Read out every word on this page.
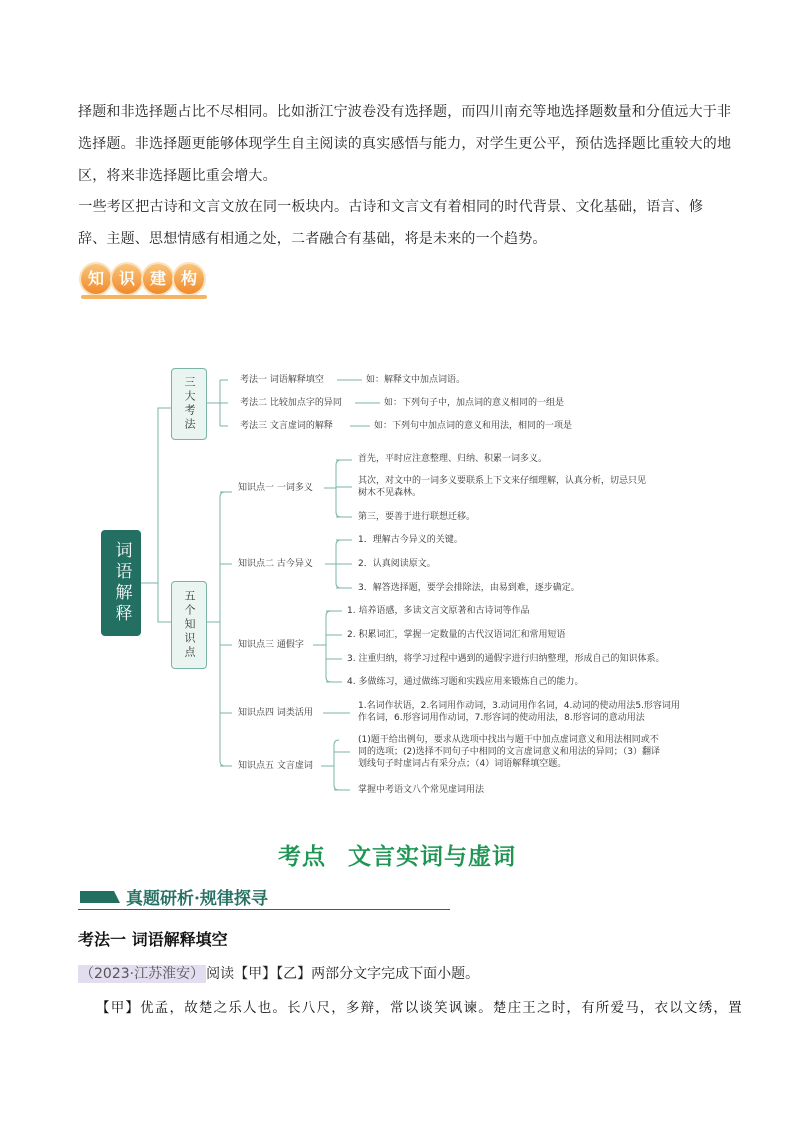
择题和非选择题占比不尽相同。比如浙江宁波卷没有选择题，而四川南充等地选择题数量和分值远大于非
选择题。非选择题更能够体现学生自主阅读的真实感悟与能力，对学生更公平，预估选择题比重较大的地
区，将来非选择题比重会增大。
　　一些考区把古诗和文言文放在同一板块内。古诗和文言文有着相同的时代背景、文化基础，语言、修
辞、主题、思想情感有相通之处，二者融合有基础，将是未来的一个趋势。
知 识 建 构
词语解释
三大考法
五个知识点
考法一 词语解释填空	如：解释文中加点词语。
考法二 比较加点字的异同	如：下列句子中，加点词的意义相同的一组是
考法三 文言虚词的解释	如：下列句中加点词的意义和用法，相同的一项是
知识点一 一词多义
首先，平时应注意整理、归纳、积累一词多义。
其次，对文中的一词多义要联系上下文来仔细理解，认真分析，切忌只见树木不见森林。
第三，要善于进行联想迁移。
知识点二 古今异义
1．理解古今异义的关键。
2．认真阅读原文。
3．解答选择题，要学会排除法，由易到难，逐步确定。
知识点三 通假字
1. 培养语感，多读文言文原著和古诗词等作品
2. 积累词汇，掌握一定数量的古代汉语词汇和常用短语
3. 注重归纳，将学习过程中遇到的通假字进行归纳整理，形成自己的知识体系。
4. 多做练习，通过做练习题和实践应用来锻炼自己的能力。
知识点四 词类活用
1.名词作状语，2.名词用作动词，3.动词用作名词，4.动词的使动用法5.形容词用作名词，6.形容词用作动词，7.形容词的使动用法，8.形容词的意动用法
知识点五 文言虚词
(1)题干给出例句，要求从选项中找出与题干中加点虚词意义和用法相同或不同的选项；(2)选择不同句子中相同的文言虚词意义和用法的异同；（3）翻译划线句子时虚词占有采分点；（4）词语解释填空题。
掌握中考语文八个常见虚词用法
考点 文言实词与虚词
真题研析·规律探寻
考法一 词语解释填空
（2023·江苏淮安） 阅读【甲】【乙】两部分文字完成下面小题。
【甲】优孟，故楚之乐人也。长八尺，多辩，常以谈笑讽谏。楚庄王之时，有所爱马，衣以文绣，置
